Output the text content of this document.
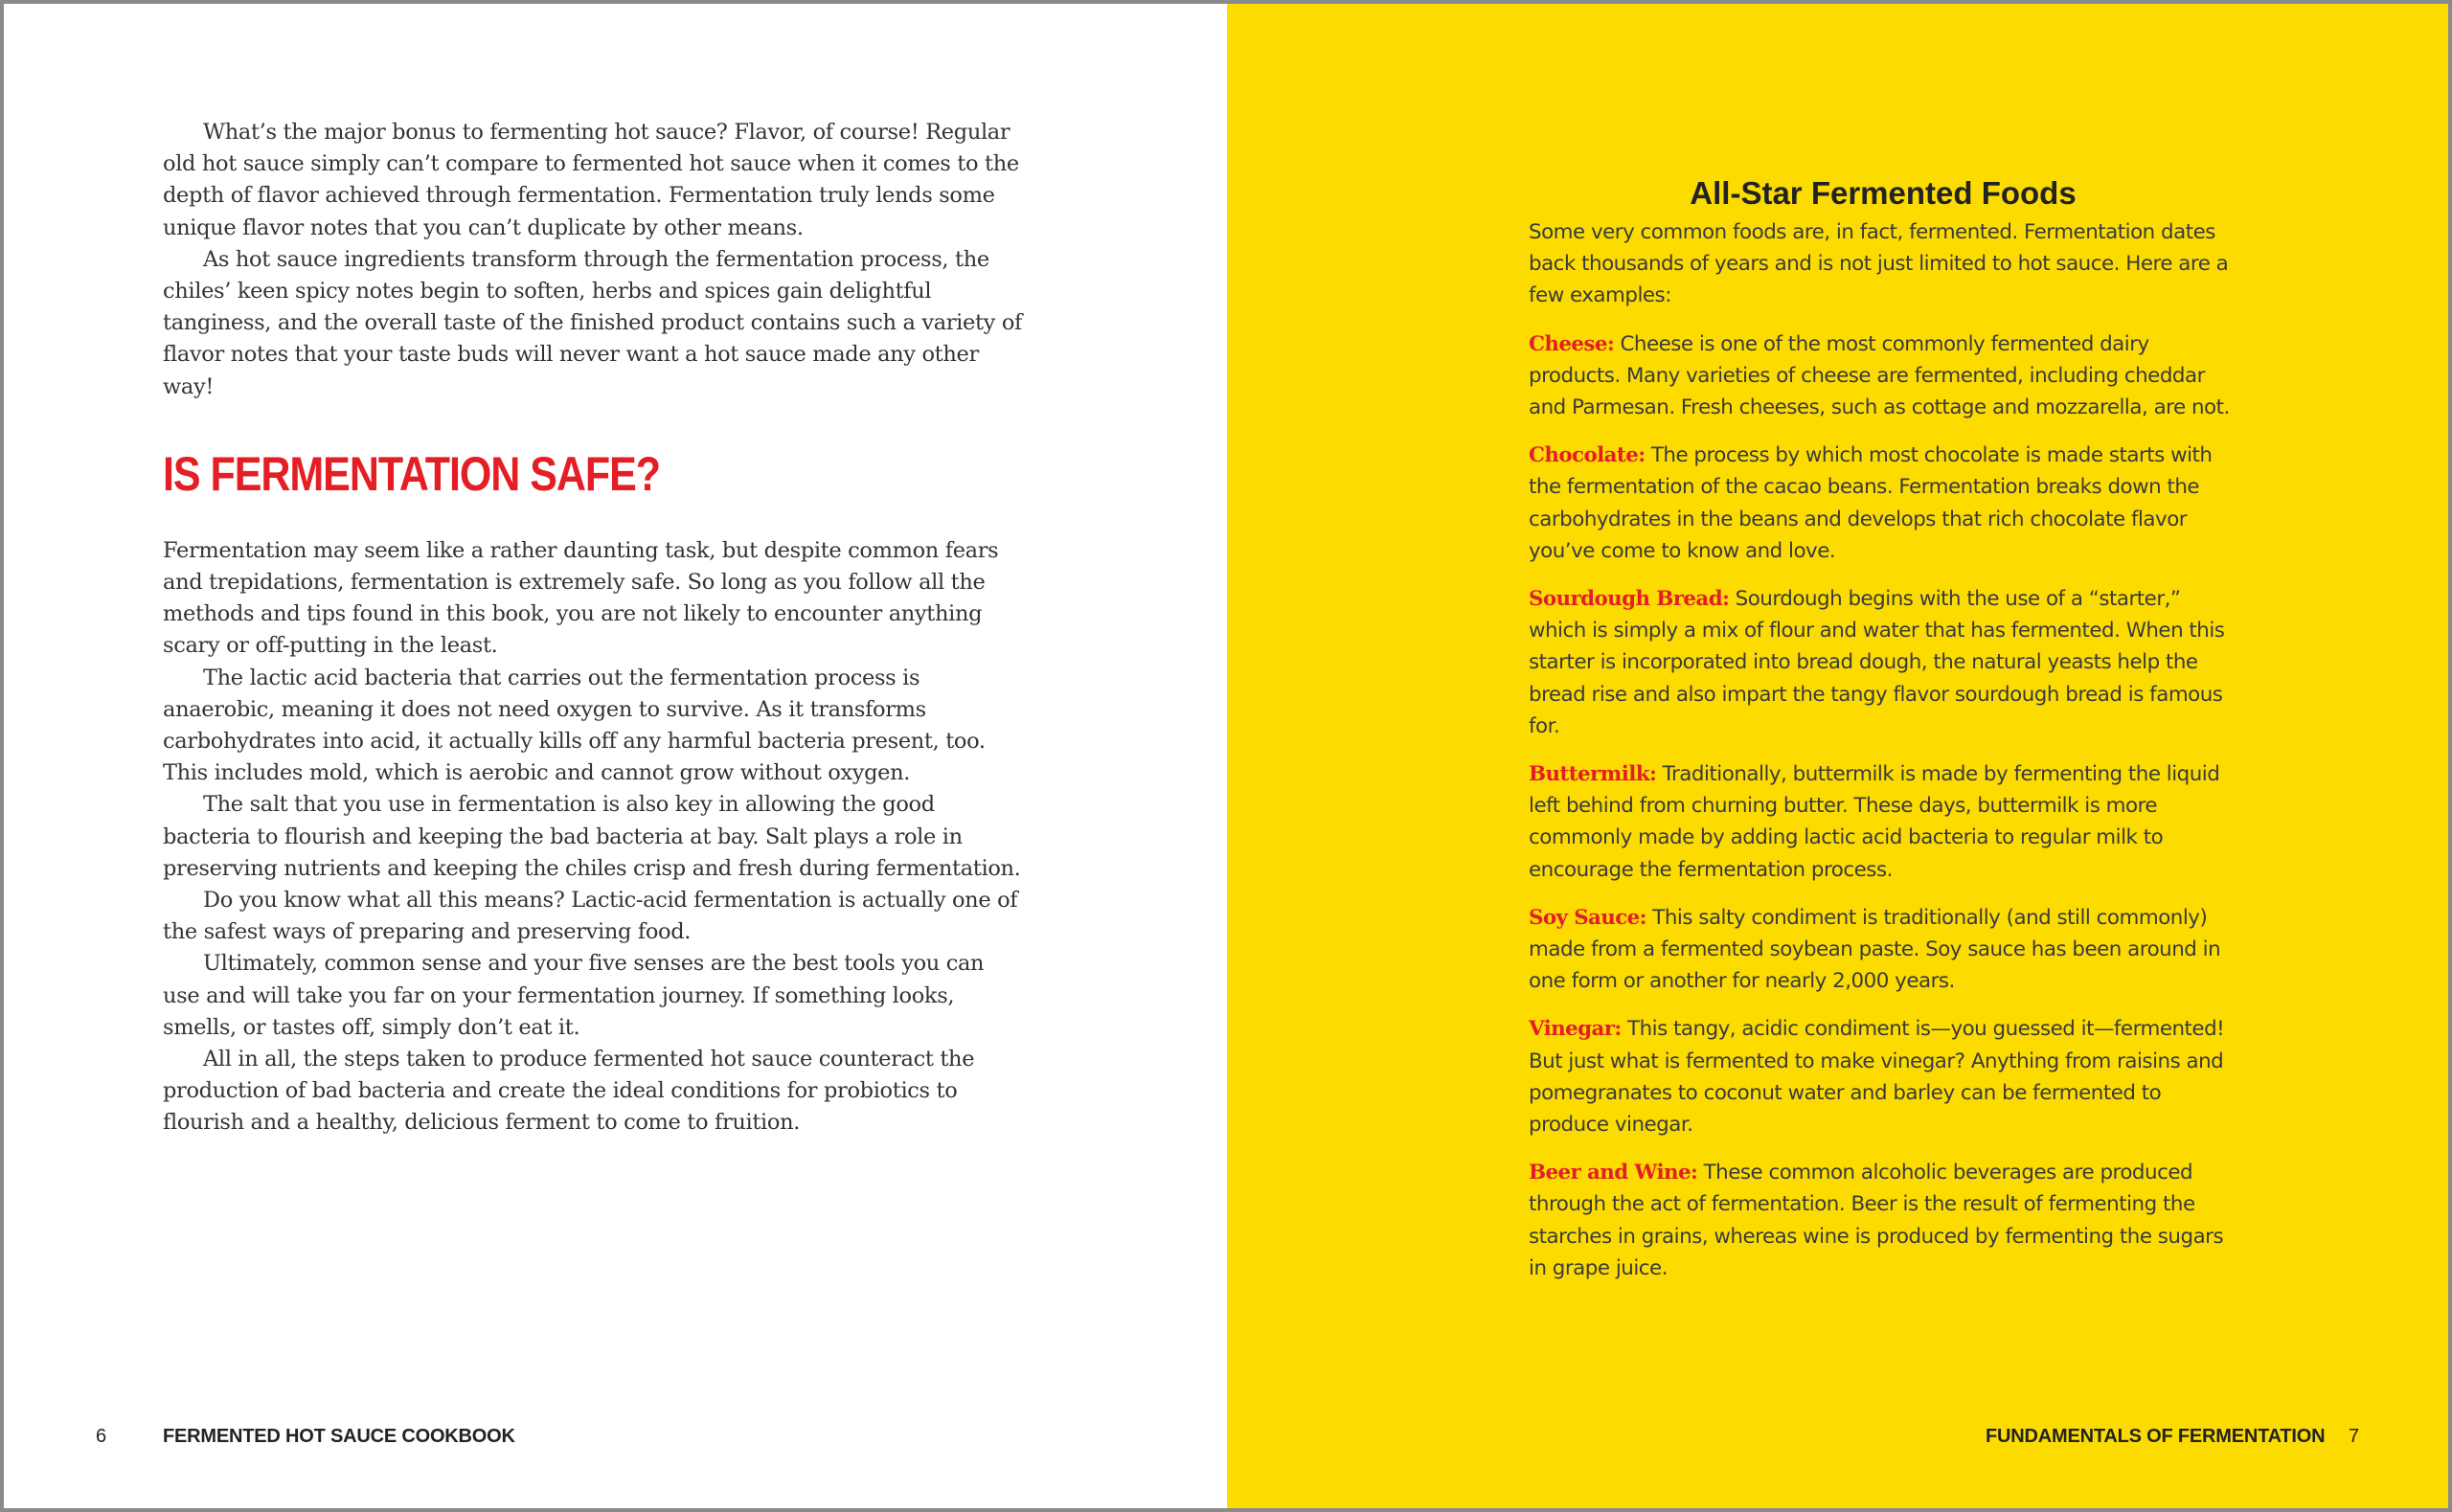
What’s the major bonus to fermenting hot sauce? Flavor, of course! Regular old hot sauce simply can’t compare to fermented hot sauce when it comes to the depth of flavor achieved through fermentation. Fermentation truly lends some unique flavor notes that you can’t duplicate by other means.

As hot sauce ingredients transform through the fermentation process, the chiles’ keen spicy notes begin to soften, herbs and spices gain delightful tanginess, and the overall taste of the finished product contains such a variety of flavor notes that your taste buds will never want a hot sauce made any other way!

IS FERMENTATION SAFE?

Fermentation may seem like a rather daunting task, but despite common fears and trepidations, fermentation is extremely safe. So long as you follow all the methods and tips found in this book, you are not likely to encounter anything scary or off-putting in the least.

The lactic acid bacteria that carries out the fermentation process is anaerobic, meaning it does not need oxygen to survive. As it transforms carbohydrates into acid, it actually kills off any harmful bacteria present, too. This includes mold, which is aerobic and cannot grow without oxygen.

The salt that you use in fermentation is also key in allowing the good bacteria to flourish and keeping the bad bacteria at bay. Salt plays a role in preserving nutrients and keeping the chiles crisp and fresh during fermentation.

Do you know what all this means? Lactic-acid fermentation is actually one of the safest ways of preparing and preserving food.

Ultimately, common sense and your five senses are the best tools you can use and will take you far on your fermentation journey. If something looks, smells, or tastes off, simply don’t eat it.

All in all, the steps taken to produce fermented hot sauce counteract the production of bad bacteria and create the ideal conditions for probiotics to flourish and a healthy, delicious ferment to come to fruition.

6	FERMENTED HOT SAUCE COOKBOOK
All-Star Fermented Foods

Some very common foods are, in fact, fermented. Fermentation dates back thousands of years and is not just limited to hot sauce. Here are a few examples:

Cheese: Cheese is one of the most commonly fermented dairy products. Many varieties of cheese are fermented, including cheddar and Parmesan. Fresh cheeses, such as cottage and mozzarella, are not.

Chocolate: The process by which most chocolate is made starts with the fermentation of the cacao beans. Fermentation breaks down the carbohydrates in the beans and develops that rich chocolate flavor you’ve come to know and love.

Sourdough Bread: Sourdough begins with the use of a “starter,” which is simply a mix of flour and water that has fermented. When this starter is incorporated into bread dough, the natural yeasts help the bread rise and also impart the tangy flavor sourdough bread is famous for.

Buttermilk: Traditionally, buttermilk is made by fermenting the liquid left behind from churning butter. These days, buttermilk is more commonly made by adding lactic acid bacteria to regular milk to encourage the fermentation process.

Soy Sauce: This salty condiment is traditionally (and still commonly) made from a fermented soybean paste. Soy sauce has been around in one form or another for nearly 2,000 years.

Vinegar: This tangy, acidic condiment is—you guessed it—fermented! But just what is fermented to make vinegar? Anything from raisins and pomegranates to coconut water and barley can be fermented to produce vinegar.

Beer and Wine: These common alcoholic beverages are produced through the act of fermentation. Beer is the result of fermenting the starches in grains, whereas wine is produced by fermenting the sugars in grape juice.

FUNDAMENTALS OF FERMENTATION 7
